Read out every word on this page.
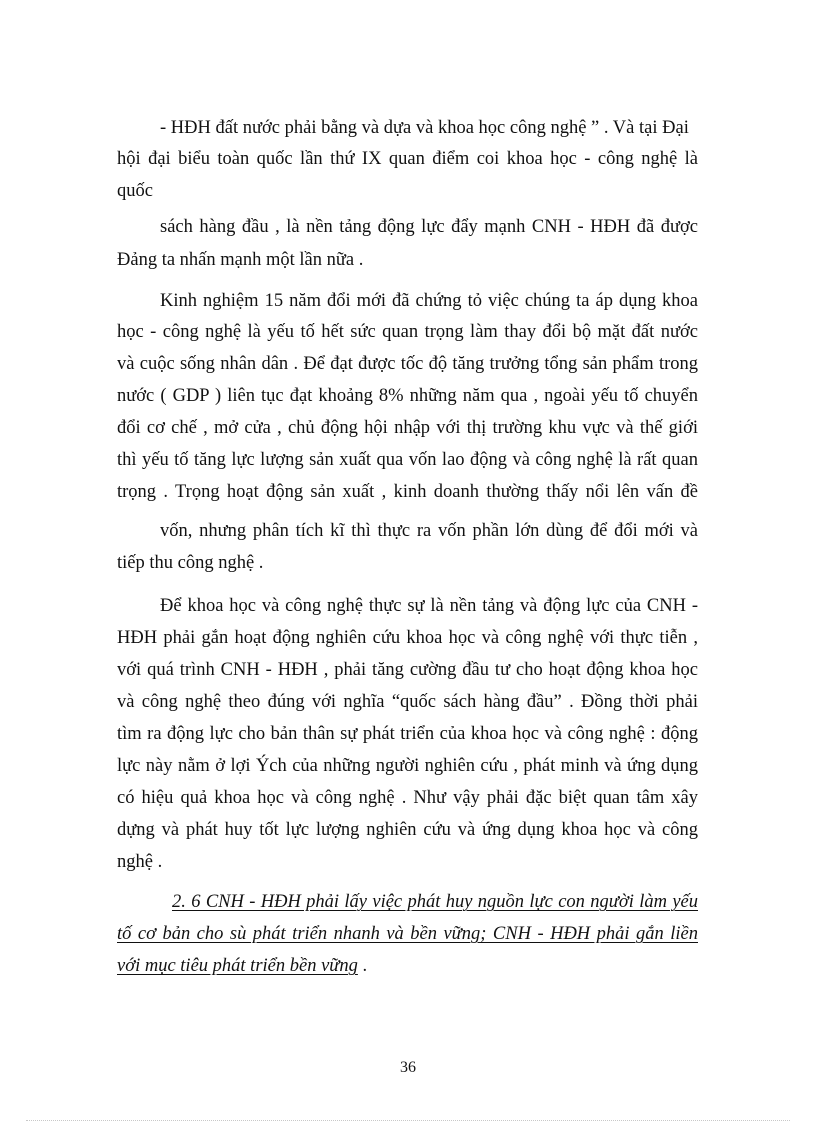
- HĐH đất nước phải bằng và dựa và khoa học công nghệ ” . Và tại Đại
hội đại biểu toàn quốc lần thứ IX quan điểm coi khoa học - công nghệ là
quốc
sách hàng đầu , là nền tảng động lực đẩy mạnh CNH - HĐH đã được
Đảng ta nhấn mạnh một lần nữa .
Kinh nghiệm 15 năm đổi mới đã chứng tỏ việc chúng ta áp dụng khoa
học - công nghệ là yếu tố hết sức quan trọng làm thay đổi bộ mặt đất nước
và cuộc sống nhân dân . Để đạt được tốc độ tăng trưởng tổng sản phẩm trong
nước ( GDP ) liên tục đạt khoảng 8% những năm qua , ngoài yếu tố chuyển
đổi cơ chế , mở cửa , chủ động hội nhập với thị trường khu vực và thế giới
thì yếu tố tăng lực lượng sản xuất qua vốn lao động và công nghệ là rất quan
trọng . Trọng hoạt động sản xuất , kinh doanh thường thấy nổi lên vấn đề
vốn, nhưng phân tích kĩ thì thực ra vốn phần lớn dùng để đổi mới và
tiếp thu công nghệ .
Để khoa học và công nghệ thực sự là nền tảng và động lực của CNH -
HĐH phải gắn hoạt động nghiên cứu khoa học và công nghệ với thực tiễn ,
với quá trình CNH - HĐH , phải tăng cường đầu tư cho hoạt động khoa học
và công nghệ theo đúng với nghĩa “quốc sách hàng đầu” . Đồng thời phải
tìm ra động lực cho bản thân sự phát triển của khoa học và công nghệ : động
lực này nằm ở lợi Ých của những người nghiên cứu , phát minh và ứng dụng
có hiệu quả khoa học và công nghệ . Như vậy phải đặc biệt quan tâm xây
dựng và phát huy tốt lực lượng nghiên cứu và ứng dụng khoa học và công
nghệ .
2. 6 CNH - HĐH phải lấy việc phát huy nguồn lực con người làm yếu
tố cơ bản cho sù phát triển nhanh và bền vững; CNH - HĐH phải gắn liền
với mục tiêu phát triển bền vững .
36
